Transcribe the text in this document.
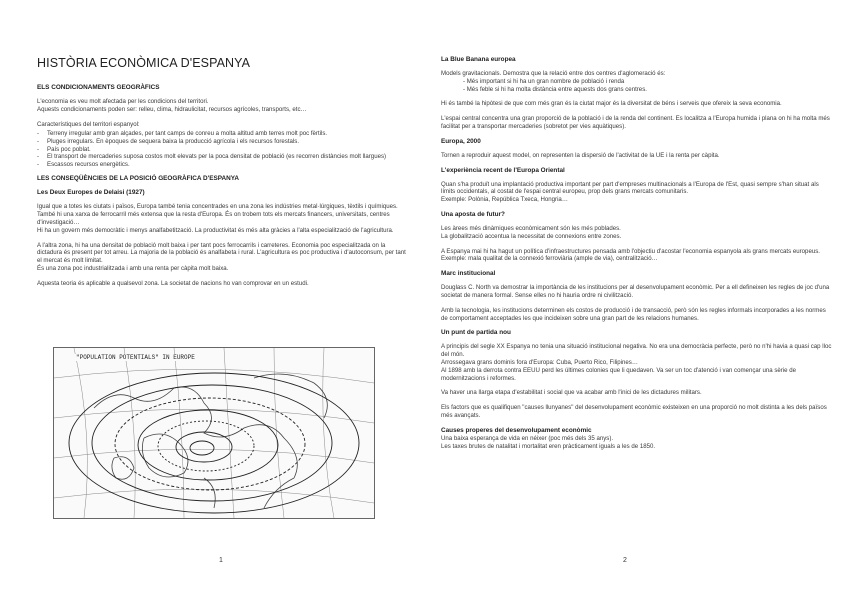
HISTÒRIA ECONÒMICA D'ESPANYA
ELS CONDICIONAMENTS GEOGRÀFICS
L'economia es veu molt afectada per les condicions del territori.
Aquests condicionaments poden ser: relleu, clima, hidraulicitat, recursos agrícoles, transports, etc…
Característiques del territori espanyol:
- Terreny irregular amb gran alçades, per tant camps de conreu a molta altitud amb terres molt poc fèrtils.
- Pluges irregulars. En èpoques de sequera baixa la producció agrícola i els recursos forestals.
- País poc poblat.
- El transport de mercaderies suposa costos molt elevats per la poca densitat de població (es recorren distàncies molt llargues)
- Escassos recursos energètics.
LES CONSEQÜÈNCIES DE LA POSICIÓ GEOGRÀFICA D'ESPANYA
Les Deux Europes de Delaisi (1927)
Igual que a totes les ciutats i països, Europa també tenia concentrades en una zona les indústries metal·lúrgiques, tèxtils i químiques. També hi una xarxa de ferrocarril més extensa que la resta d'Europa. És on trobem tots els mercats financers, universitats, centres d'investigació…
Hi ha un govern més democràtic i menys analfabetització. La productivitat és més alta gràcies a l'alta especialització de l'agricultura.
A l'altra zona, hi ha una densitat de població molt baixa i per tant pocs ferrocarrils i carreteres. Economia poc especialitzada on la dictadura és present per tot arreu. La majoria de la població és analfabeta i rural. L'agricultura es poc productiva i d'autoconsum, per tant el mercat és molt limitat.
És una zona poc industrialitzada i amb una renta per càpita molt baixa.
Aquesta teoria és aplicable a qualsevol zona. La societat de nacions ho van comprovar en un estudi.
"POPULATION POTENTIALS" IN EUROPE
1
La Blue Banana europea
Models gravitacionals. Demostra que la relació entre dos centres d'aglomeració és:
- Més important si hi ha un gran nombre de població i renda
- Més feble si hi ha molta distància entre aquests dos grans centres.
Hi és també la hipòtesi de que com més gran és la ciutat major és la diversitat de béns i serveis que ofereix la seva economia.
L'espai central concentra una gran proporció de la població i de la renda del continent. Es localitza a l'Europa humida i plana on hi ha molta més facilitat per a transportar mercaderies (sobretot per vies aquàtiques).
Europa, 2000
Tornen a reproduir aquest model, on representen la dispersió de l'activitat de la UE i la renta per càpita.
L'experiència recent de l'Europa Oriental
Quan s'ha produït una implantació productiva important per part d'empreses multinacionals a l'Europa de l'Est, quasi sempre s'han situat als límits occidentals, al costat de l'espai central europeu, prop dels grans mercats comunitaris.
Exemple: Polònia, República Txeca, Hongria…
Una aposta de futur?
Les àrees més dinàmiques econòmicament són les més poblades.
La globalització accentua la necessitat de connexions entre zones.
A Espanya mai hi ha hagut un política d'infraestructures pensada amb l'objectiu d'acostar l'economia espanyola als grans mercats europeus.
Exemple: mala qualitat de la connexió ferroviària (ample de via), centralització…
Marc institucional
Douglass C. North va demostrar la importància de les institucions per al desenvolupament econòmic. Per a ell defineixen les regles de joc d'una societat de manera formal. Sense elles no hi hauria ordre ni civilització.
Amb la tecnologia, les institucions determinen els costos de producció i de transacció, però són les regles informals incorporades a les normes de comportament acceptades les que incideixen sobre una gran part de les relacions humanes.
Un punt de partida nou
A principis del segle XX Espanya no tenia una situació institucional negativa. No era una democràcia perfecte, però no n'hi havia a quasi cap lloc del món.
Arrossegava grans dominis fora d'Europa: Cuba, Puerto Rico, Filipines…
Al 1898 amb la derrota contra EEUU perd les últimes colonies que li quedaven. Va ser un toc d'atenció i van començar una sèrie de modernitzacions i reformes.
Va haver una llarga etapa d'estabilitat i social que va acabar amb l'inici de les dictadures militars.
Els factors que es qualifiquen "causes llunyanes" del desenvolupament econòmic existeixen en una proporció no molt distinta a les dels països més avançats.
Causes properes del desenvolupament econòmic
Una baixa esperança de vida en néixer (poc més dels 35 anys).
Les taxes brutes de natalitat i mortalitat eren pràcticament iguals a les de 1850.
2
